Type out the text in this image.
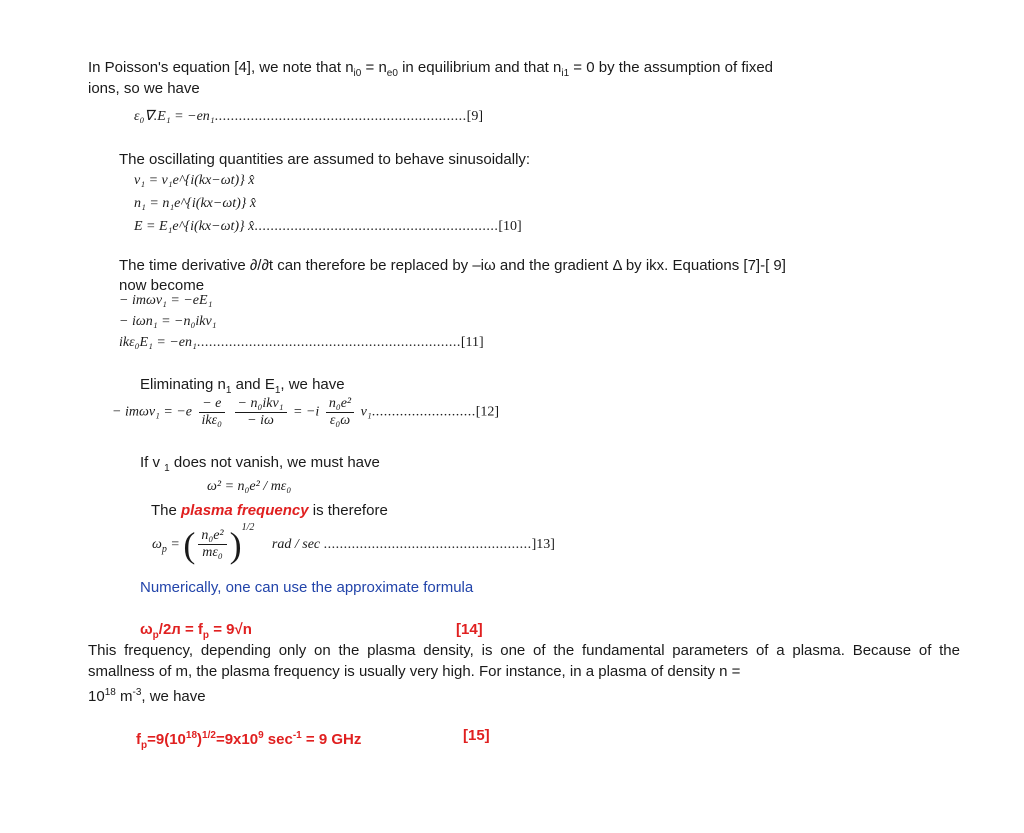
In Poisson's equation [4], we note that $n_{i0} = n_{e0}$ in equilibrium and that $n_{i1} = 0$ by the assumption of fixed
ions, so we have
ε₀∇.E₁ = −en₁...............................................................[9]
The oscillating quantities are assumed to behave sinusoidally:
v₁ = v₁e^{i(kx−ωt)} x̂
n₁ = n₁e^{i(kx−ωt)} x̂
E = E₁e^{i(kx−ωt)} x̂.............................................................[10]
The time derivative ∂/∂t can therefore be replaced by –iω and the gradient Δ by ikx. Equations [7]-[ 9]
now become
− imωv₁ = −eE₁
− iωn₁ = −n₀ikv₁
ikε₀E₁ = −en₁..................................................................[11]
Eliminating $n_1$ and $E_1$, we have
− $im\omega v_1 = -e \frac{- e}{\text{ikε₀}}$
$\frac{\text{− n₀ikv₁}}{- i\omega} = -i \frac{\text{n₀e²}}{\text{ε₀ω}} v_1..........................[12]$
If v $_1$ does not vanish, we must have
ω² = n₀e² / mε₀
The plasma frequency is therefore
$\omega_p$ = ( $\frac{\text{n₀e²}}{\text{mε₀}} )^{1/2}$ rad / sec ....................................................]13]
Numerically, one can use the approximate formula
$\omega_p/2л = f_p = 9√n$	[14]
This frequency, depending only on the plasma density, is one of the fundamental parameters of a plasma. Because of the smallness of m, the plasma frequency is usually very high. For instance, in a plasma of density n =
$10^{18}$ $m^{-3}$, we have
$f_p=9(10^{18})^{1/2}=9x10^9$ $\sec^{-1} = 9$ GHz	[15]
